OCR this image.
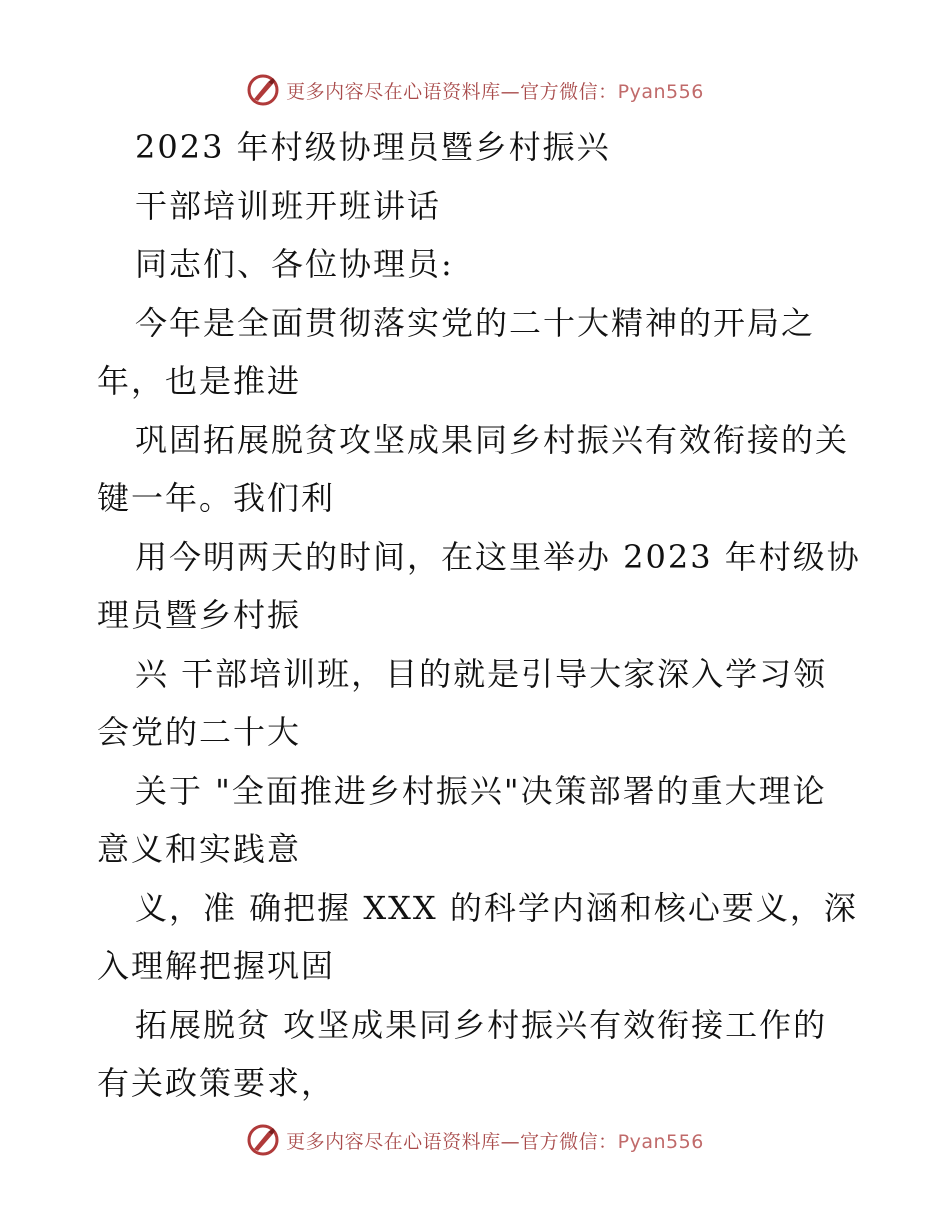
更多内容尽在心语资料库—官方微信：Pyan556
2023 年村级协理员暨乡村振兴
干部培训班开班讲话
同志们、各位协理员:
今年是全面贯彻落实党的二十大精神的开局之
年，也是推进
巩固拓展脱贫攻坚成果同乡村振兴有效衔接的关
键一年。我们利
用今明两天的时间，在这里举办 2023 年村级协
理员暨乡村振
兴 干部培训班，目的就是引导大家深入学习领
会党的二十大
关于 "全面推进乡村振兴"决策部署的重大理论
意义和实践意
义，准 确把握 XXX 的科学内涵和核心要义，深
入理解把握巩固
拓展脱贫 攻坚成果同乡村振兴有效衔接工作的
有关政策要求，
更多内容尽在心语资料库—官方微信：Pyan556
